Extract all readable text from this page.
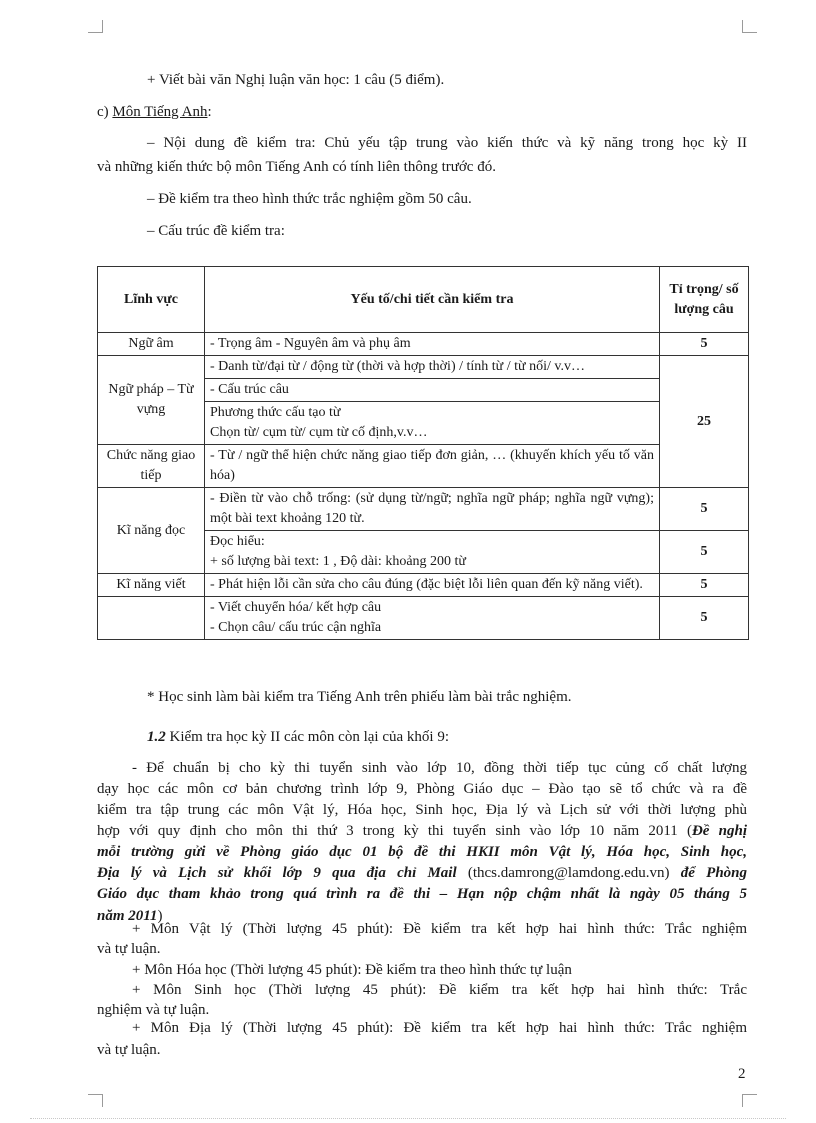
+ Viết bài văn Nghị luận văn học: 1 câu (5 điểm).
c) Môn Tiếng Anh:
– Nội dung đề kiểm tra: Chủ yếu tập trung vào kiến thức và kỹ năng trong học kỳ II
và những kiến thức bộ môn Tiếng Anh có tính liên thông trước đó.
– Đề kiểm tra theo hình thức trắc nghiệm gồm 50 câu.
– Cấu trúc đề kiểm tra:
Lĩnh vực	Yếu tố/chi tiết cần kiểm tra	Tỉ trọng/ số lượng câu
Ngữ âm	- Trọng âm - Nguyên âm và phụ âm	5
Ngữ pháp – Từ vựng	- Danh từ/đại từ / động từ (thời và hợp thời) / tính từ / từ nối/ v.v…	25
	- Cấu trúc câu	

	Phương thức cấu tạo từ
Chọn từ/ cụm từ/ cụm từ cố định,v.v…	

Chức năng giao tiếp	- Từ / ngữ thể hiện chức năng giao tiếp đơn giản, … (khuyến khích yếu tố văn hóa)	
Kĩ năng đọc	- Điền từ vào chỗ trống: (sử dụng từ/ngữ; nghĩa ngữ pháp; nghĩa ngữ vựng); một bài text khoảng 120 từ.	5

	Đọc hiểu:
+ số lượng bài text: 1 , Độ dài: khoảng 200 từ	5
Kĩ năng viết	- Phát hiện lỗi cần sửa cho câu đúng (đặc biệt lỗi liên quan đến kỹ năng viết).	5

	- Viết chuyển hóa/ kết hợp câu
- Chọn câu/ cấu trúc cận nghĩa	5
* Học sinh làm bài kiểm tra Tiếng Anh trên phiếu làm bài trắc nghiệm.
1.2 Kiểm tra học kỳ II các môn còn lại của khối 9:
- Để chuẩn bị cho kỳ thi tuyển sinh vào lớp 10, đồng thời tiếp tục củng cố chất lượng
dạy học các môn cơ bản chương trình lớp 9, Phòng Giáo dục – Đào tạo sẽ tổ chức và ra đề
kiểm tra tập trung các môn Vật lý, Hóa học, Sinh học, Địa lý và Lịch sử với thời lượng phù
hợp với quy định cho môn thi thứ 3 trong kỳ thi tuyển sinh vào lớp 10 năm 2011 (Đề nghị
mỗi trường gửi về Phòng giáo dục 01 bộ đề thi HKII môn Vật lý, Hóa học, Sinh học,
Địa lý và Lịch sử khối lớp 9 qua địa chỉ Mail (thcs.damrong@lamdong.edu.vn) để Phòng
Giáo dục tham khảo trong quá trình ra đề thi – Hạn nộp chậm nhất là ngày 05 tháng 5
năm 2011)
+ Môn Vật lý (Thời lượng 45 phút): Đề kiểm tra kết hợp hai hình thức: Trắc nghiệm
và tự luận.
+ Môn Hóa học (Thời lượng 45 phút): Đề kiểm tra theo hình thức tự luận
+ Môn Sinh học (Thời lượng 45 phút): Đề kiểm tra kết hợp hai hình thức: Trắc
nghiệm và tự luận.
+ Môn Địa lý (Thời lượng 45 phút): Đề kiểm tra kết hợp hai hình thức: Trắc nghiệm
và tự luận.
2
